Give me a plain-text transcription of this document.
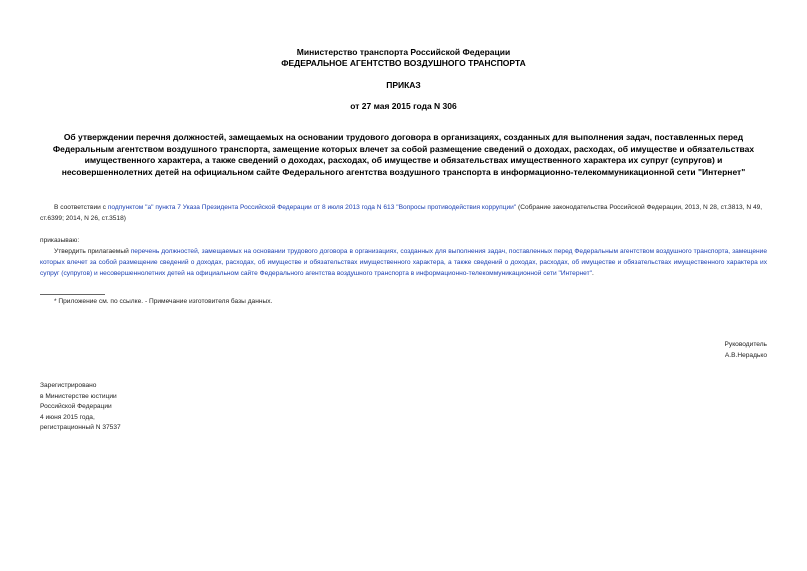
Министерство транспорта Российской Федерации
ФЕДЕРАЛЬНОЕ АГЕНТСТВО ВОЗДУШНОГО ТРАНСПОРТА
ПРИКАЗ
от 27 мая 2015 года N 306
Об утверждении перечня должностей, замещаемых на основании трудового договора в организациях, созданных для выполнения задач, поставленных перед Федеральным агентством воздушного транспорта, замещение которых влечет за собой размещение сведений о доходах, расходах, об имуществе и обязательствах имущественного характера, а также сведений о доходах, расходах, об имуществе и обязательствах имущественного характера их супруг (супругов) и несовершеннолетних детей на официальном сайте Федерального агентства воздушного транспорта в информационно-телекоммуникационной сети "Интернет"
В соответствии с подпунктом "а" пункта 7 Указа Президента Российской Федерации от 8 июля 2013 года N 613 "Вопросы противодействия коррупции" (Собрание законодательства Российской Федерации, 2013, N 28, ст.3813, N 49, ст.6399; 2014, N 26, ст.3518)
приказываю:
Утвердить прилагаемый перечень должностей, замещаемых на основании трудового договора в организациях, созданных для выполнения задач, поставленных перед Федеральным агентством воздушного транспорта, замещение которых влечет за собой размещение сведений о доходах, расходах, об имуществе и обязательствах имущественного характера, а также сведений о доходах, расходах, об имуществе и обязательствах имущественного характера их супруг (супругов) и несовершеннолетних детей на официальном сайте Федерального агентства воздушного транспорта в информационно-телекоммуникационной сети "Интернет".
* Приложение см. по ссылке. - Примечание изготовителя базы данных.
Руководитель
А.В.Нерадько
Зарегистрировано
в Министерстве юстиции
Российской Федерации
4 июня 2015 года,
регистрационный N 37537
